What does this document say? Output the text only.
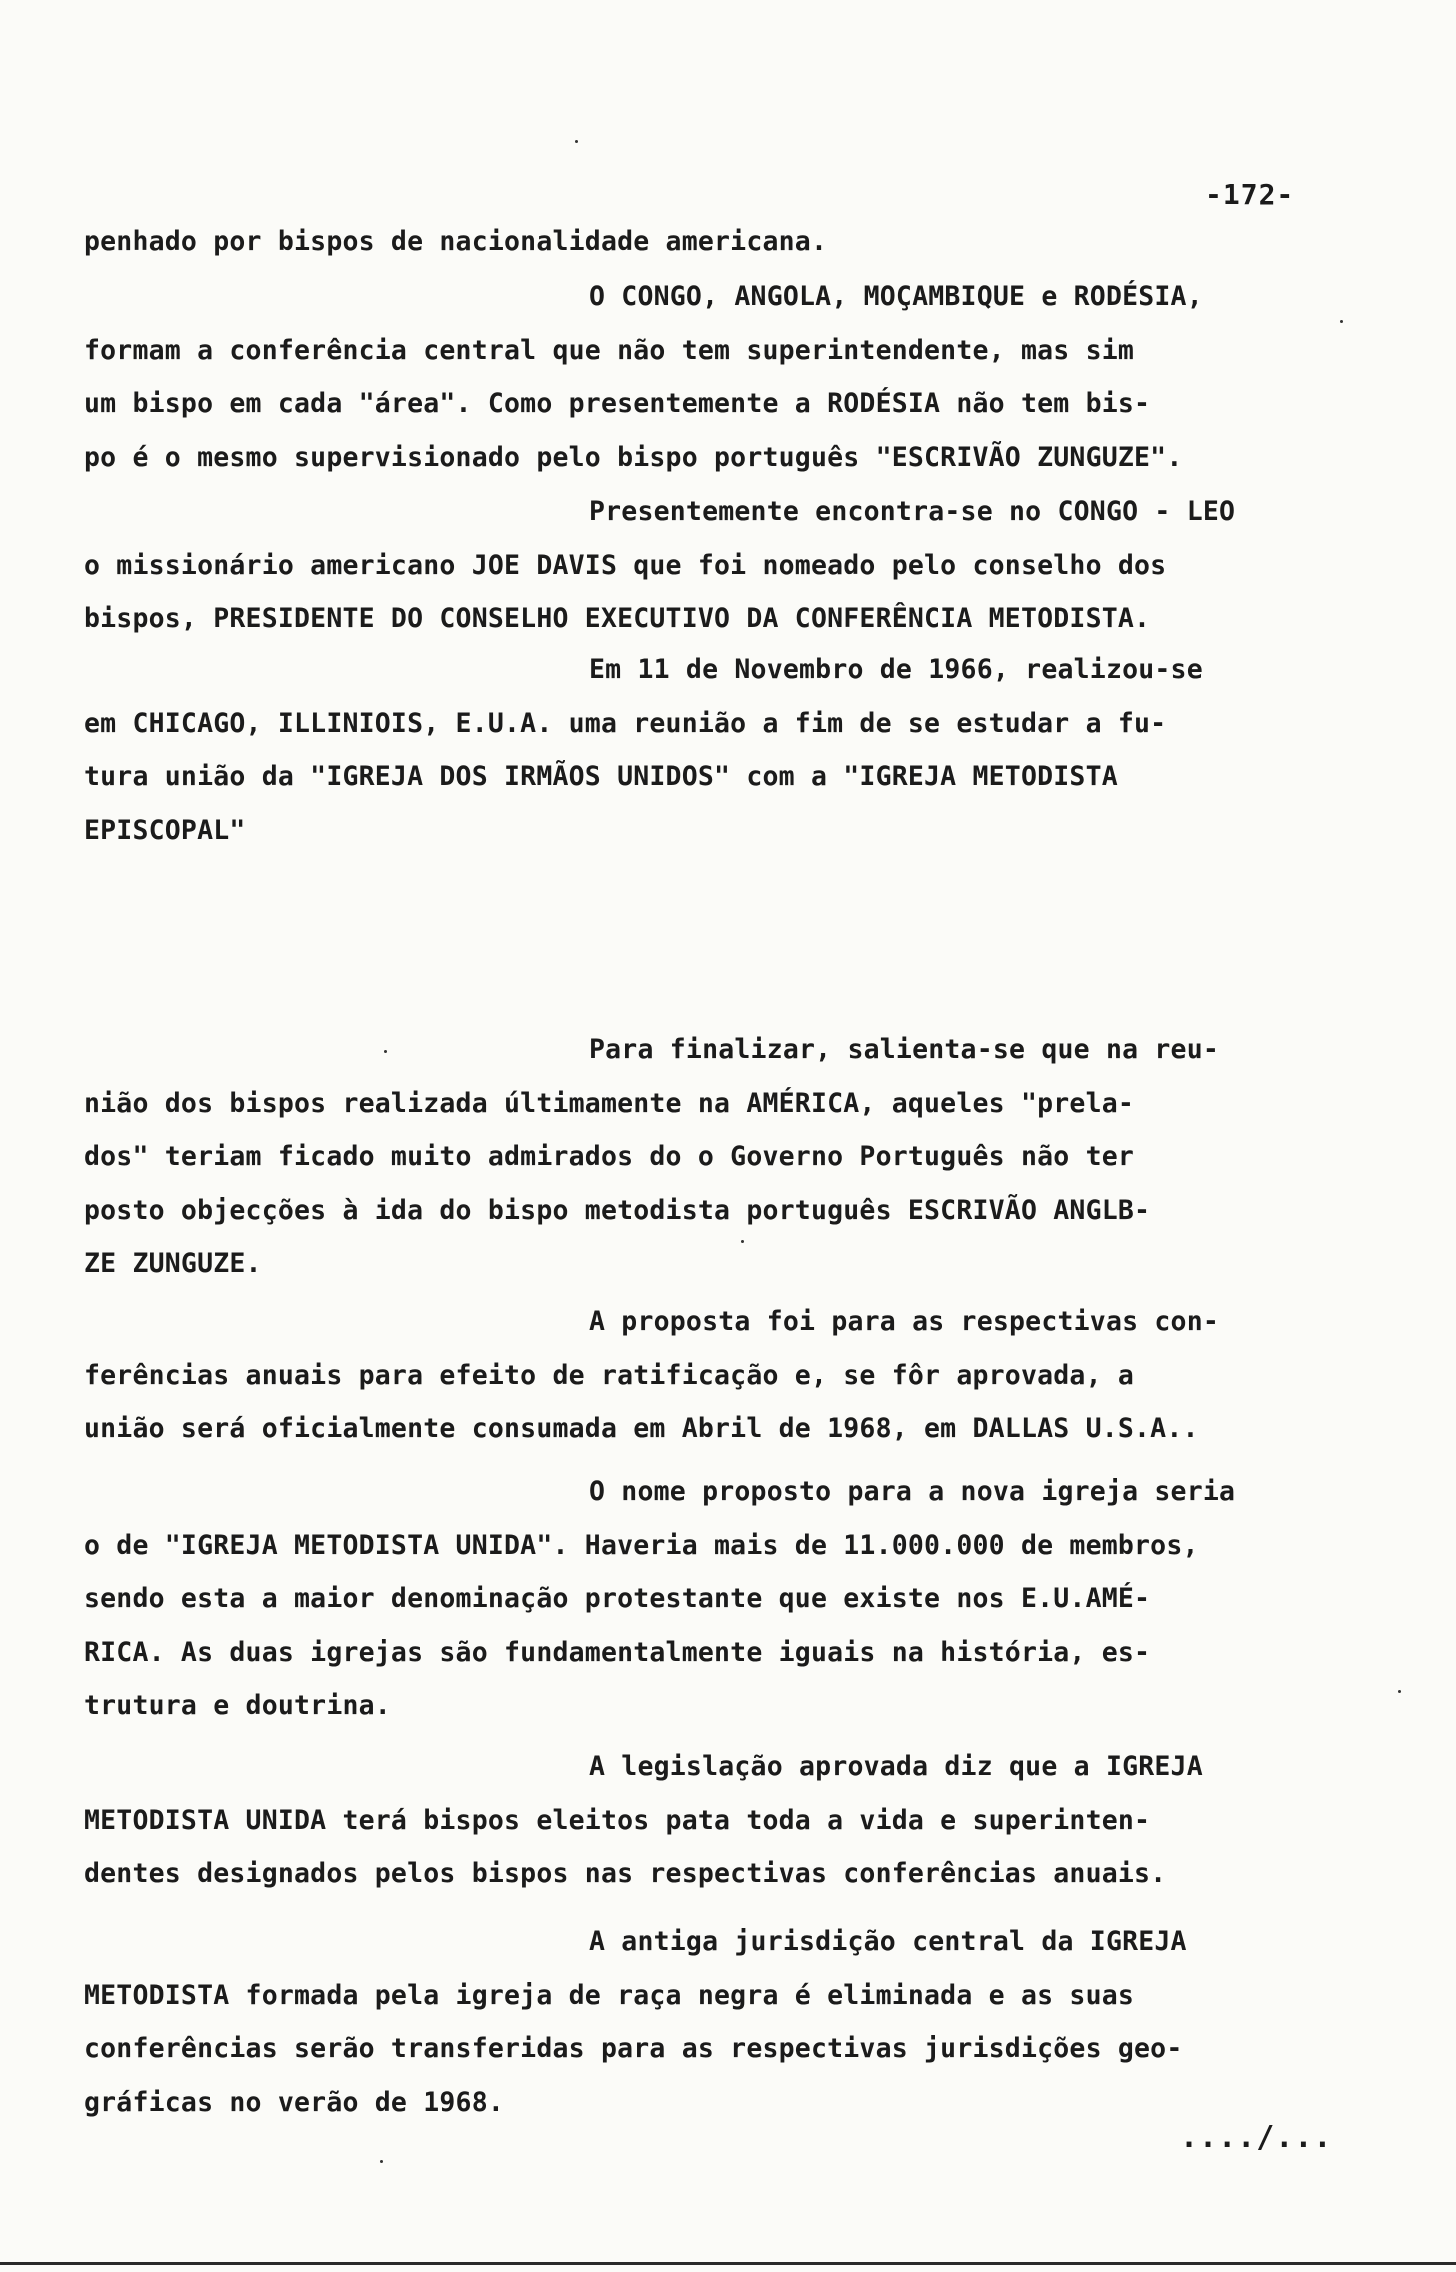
-172-
penhado por bispos de nacionalidade americana.
O CONGO, ANGOLA, MOÇAMBIQUE e RODÉSIA,
formam a conferência central que não tem superintendente, mas sim
um bispo em cada "área". Como presentemente a RODÉSIA não tem bis-
po é o mesmo supervisionado pelo bispo português "ESCRIVÃO ZUNGUZE".
Presentemente encontra-se no CONGO - LEO
o missionário americano JOE DAVIS que foi nomeado pelo conselho dos
bispos, PRESIDENTE DO CONSELHO EXECUTIVO DA CONFERÊNCIA METODISTA.
Em 11 de Novembro de 1966, realizou-se
em CHICAGO, ILLINIOIS, E.U.A. uma reunião a fim de se estudar a fu-
tura união da "IGREJA DOS IRMÃOS UNIDOS" com a "IGREJA METODISTA
EPISCOPAL"
Para finalizar, salienta-se que na reu-
nião dos bispos realizada últimamente na AMÉRICA, aqueles "prela-
dos" teriam ficado muito admirados do o Governo Português não ter
posto objecções à ida do bispo metodista português ESCRIVÃO ANGLB-
ZE ZUNGUZE.
A proposta foi para as respectivas con-
ferências anuais para efeito de ratificação e, se fôr aprovada, a
união será oficialmente consumada em Abril de 1968, em DALLAS U.S.A..
O nome proposto para a nova igreja seria
o de "IGREJA METODISTA UNIDA". Haveria mais de 11.000.000 de membros,
sendo esta a maior denominação protestante que existe nos E.U.AMÉ-
RICA. As duas igrejas são fundamentalmente iguais na história, es-
trutura e doutrina.
A legislação aprovada diz que a IGREJA
METODISTA UNIDA terá bispos eleitos pata toda a vida e superinten-
dentes designados pelos bispos nas respectivas conferências anuais.
A antiga jurisdição central da IGREJA
METODISTA formada pela igreja de raça negra é eliminada e as suas
conferências serão transferidas para as respectivas jurisdições geo-
gráficas no verão de 1968.
..../...
